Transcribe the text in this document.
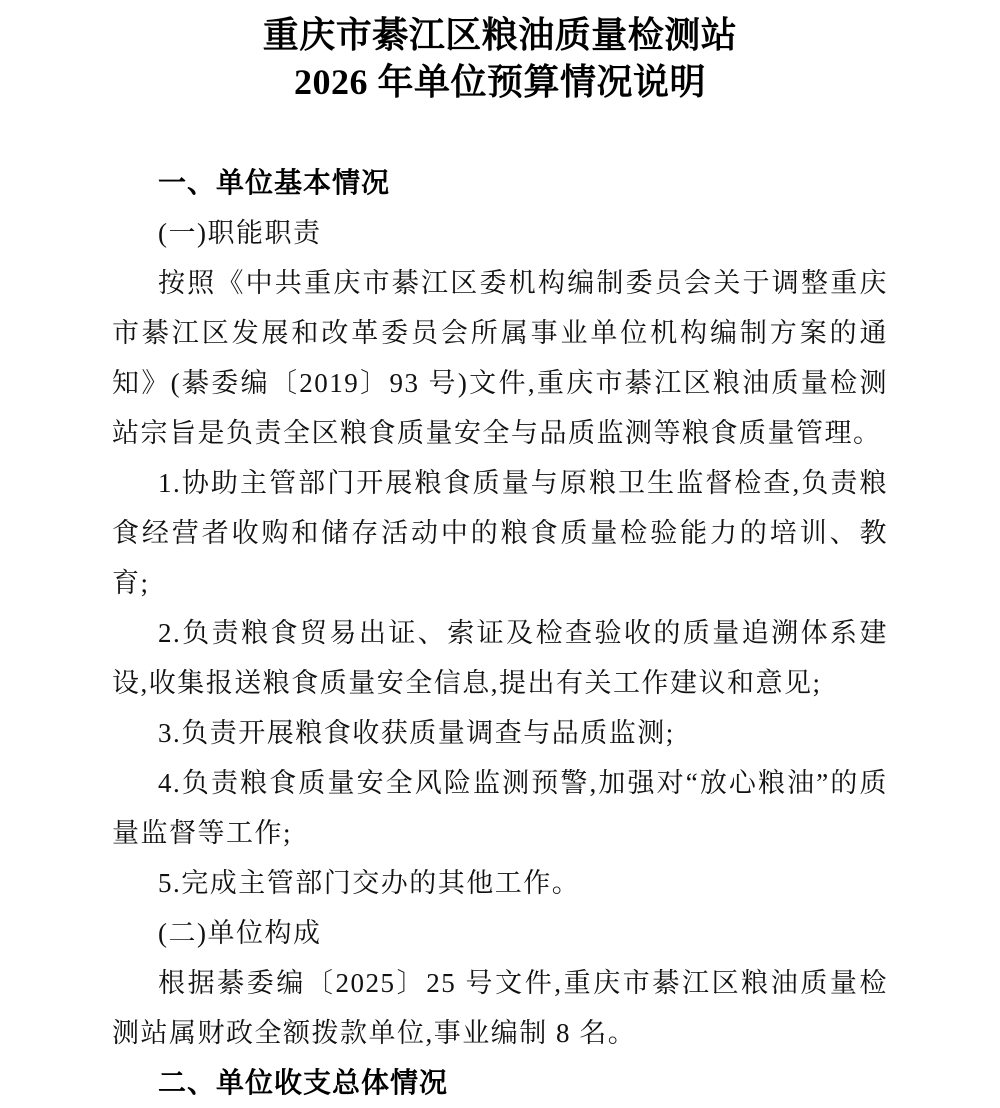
重庆市綦江区粮油质量检测站
2026 年单位预算情况说明
一、单位基本情况
(一)职能职责
按照《中共重庆市綦江区委机构编制委员会关于调整重庆市綦江区发展和改革委员会所属事业单位机构编制方案的通知》(綦委编〔2019〕93 号)文件,重庆市綦江区粮油质量检测站宗旨是负责全区粮食质量安全与品质监测等粮食质量管理。
1.协助主管部门开展粮食质量与原粮卫生监督检查,负责粮食经营者收购和储存活动中的粮食质量检验能力的培训、教育;
2.负责粮食贸易出证、索证及检查验收的质量追溯体系建设,收集报送粮食质量安全信息,提出有关工作建议和意见;
3.负责开展粮食收获质量调查与品质监测;
4.负责粮食质量安全风险监测预警,加强对“放心粮油”的质量监督等工作;
5.完成主管部门交办的其他工作。
(二)单位构成
根据綦委编〔2025〕25 号文件,重庆市綦江区粮油质量检测站属财政全额拨款单位,事业编制 8 名。
二、单位收支总体情况
